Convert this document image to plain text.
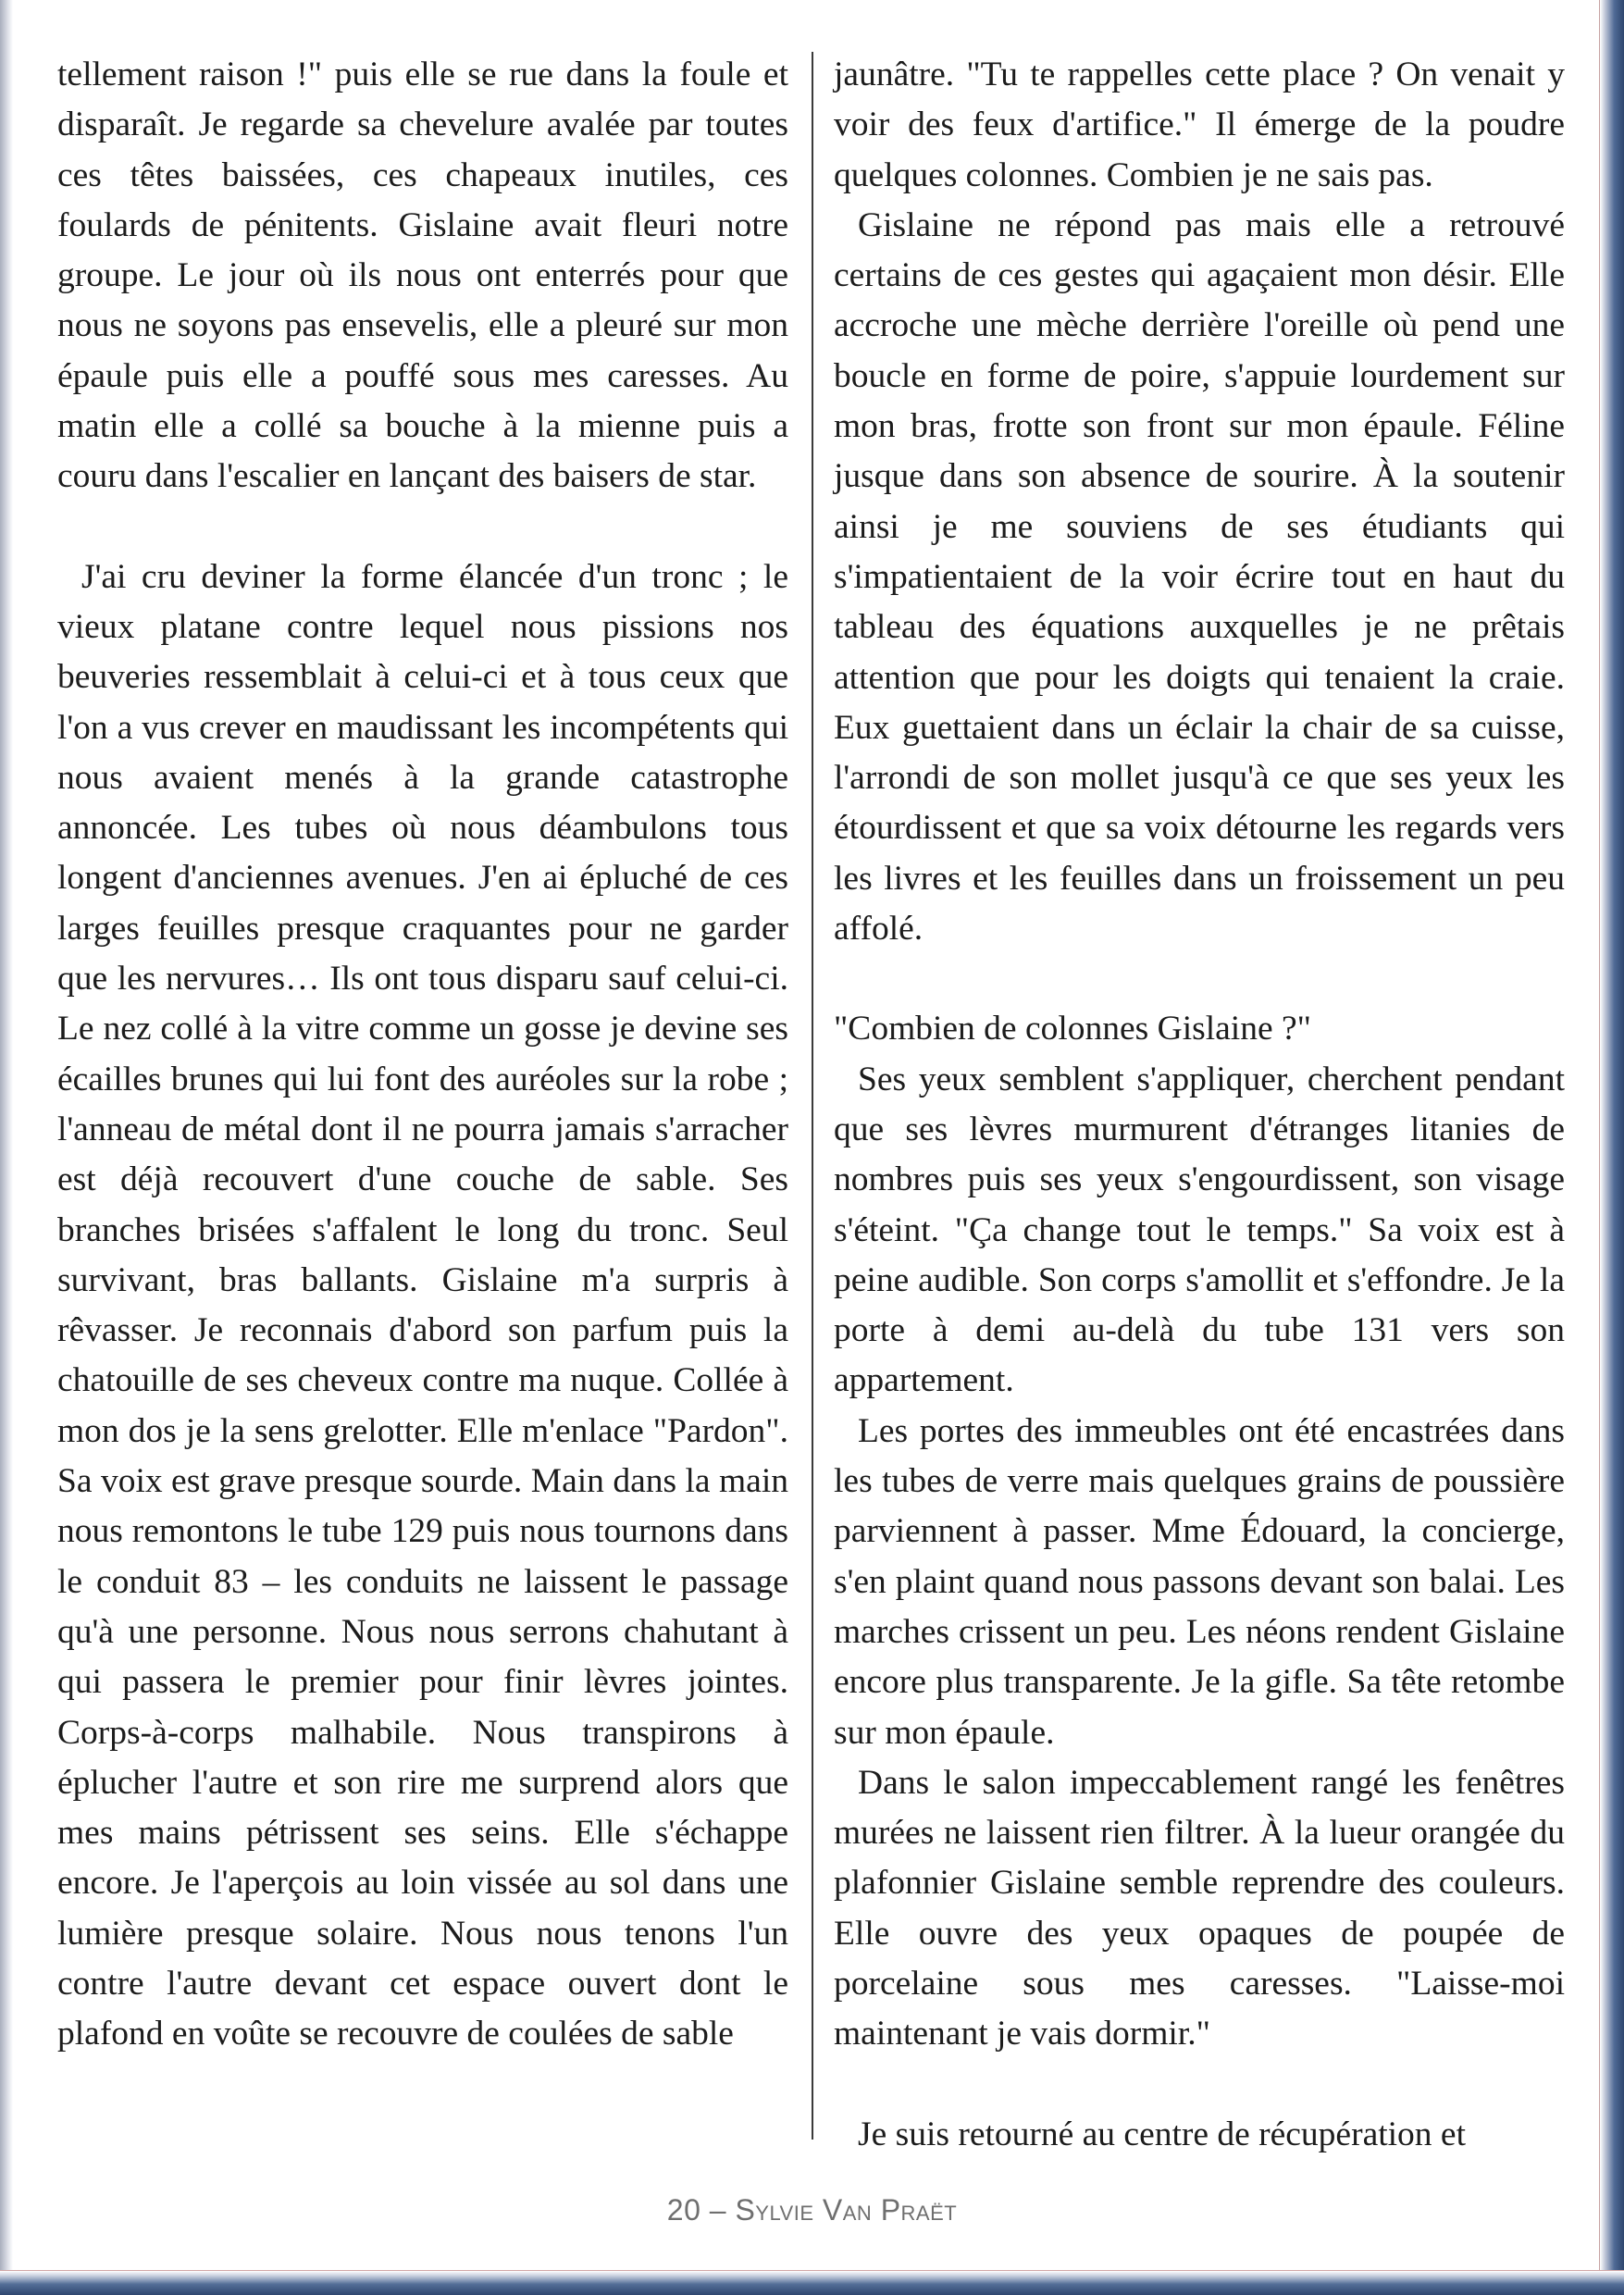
tellement raison !" puis elle se rue dans la foule et disparaît. Je regarde sa chevelure avalée par toutes ces têtes baissées, ces chapeaux inutiles, ces foulards de pénitents. Gislaine avait fleuri notre groupe. Le jour où ils nous ont enterrés pour que nous ne soyons pas ensevelis, elle a pleuré sur mon épaule puis elle a pouffé sous mes caresses. Au matin elle a collé sa bouche à la mienne puis a couru dans l'escalier en lançant des baisers de star.

J'ai cru deviner la forme élancée d'un tronc ; le vieux platane contre lequel nous pissions nos beuveries ressemblait à celui-ci et à tous ceux que l'on a vus crever en maudissant les incompétents qui nous avaient menés à la grande catastrophe annoncée. Les tubes où nous déambulons tous longent d'anciennes avenues. J'en ai épluché de ces larges feuilles presque craquantes pour ne garder que les nervures… Ils ont tous disparu sauf celui-ci. Le nez collé à la vitre comme un gosse je devine ses écailles brunes qui lui font des auréoles sur la robe ; l'anneau de métal dont il ne pourra jamais s'arracher est déjà recouvert d'une couche de sable. Ses branches brisées s'affalent le long du tronc. Seul survivant, bras ballants. Gislaine m'a surpris à rêvasser. Je reconnais d'abord son parfum puis la chatouille de ses cheveux contre ma nuque. Collée à mon dos je la sens grelotter. Elle m'enlace "Pardon". Sa voix est grave presque sourde. Main dans la main nous remontons le tube 129 puis nous tournons dans le conduit 83 – les conduits ne laissent le passage qu'à une personne. Nous nous serrons chahutant à qui passera le premier pour finir lèvres jointes. Corps-à-corps malhabile. Nous transpirons à éplucher l'autre et son rire me surprend alors que mes mains pétrissent ses seins. Elle s'échappe encore. Je l'aperçois au loin vissée au sol dans une lumière presque solaire. Nous nous tenons l'un contre l'autre devant cet espace ouvert dont le plafond en voûte se recouvre de coulées de sable

jaunâtre. "Tu te rappelles cette place ? On venait y voir des feux d'artifice." Il émerge de la poudre quelques colonnes. Combien je ne sais pas.

Gislaine ne répond pas mais elle a retrouvé certains de ces gestes qui agaçaient mon désir. Elle accroche une mèche derrière l'oreille où pend une boucle en forme de poire, s'appuie lourdement sur mon bras, frotte son front sur mon épaule. Féline jusque dans son absence de sourire. À la soutenir ainsi je me souviens de ses étudiants qui s'impatientaient de la voir écrire tout en haut du tableau des équations auxquelles je ne prêtais attention que pour les doigts qui tenaient la craie. Eux guettaient dans un éclair la chair de sa cuisse, l'arrondi de son mollet jusqu'à ce que ses yeux les étourdissent et que sa voix détourne les regards vers les livres et les feuilles dans un froissement un peu affolé.

"Combien de colonnes Gislaine ?"

Ses yeux semblent s'appliquer, cherchent pendant que ses lèvres murmurent d'étranges litanies de nombres puis ses yeux s'engourdissent, son visage s'éteint. "Ça change tout le temps." Sa voix est à peine audible. Son corps s'amollit et s'effondre. Je la porte à demi au-delà du tube 131 vers son appartement.

Les portes des immeubles ont été encastrées dans les tubes de verre mais quelques grains de poussière parviennent à passer. Mme Édouard, la concierge, s'en plaint quand nous passons devant son balai. Les marches crissent un peu. Les néons rendent Gislaine encore plus transparente. Je la gifle. Sa tête retombe sur mon épaule.

Dans le salon impeccablement rangé les fenêtres murées ne laissent rien filtrer. À la lueur orangée du plafonnier Gislaine semble reprendre des couleurs. Elle ouvre des yeux opaques de poupée de porcelaine sous mes caresses. "Laisse-moi maintenant je vais dormir."

Je suis retourné au centre de récupération et

20 – Sylvie Van Praët
